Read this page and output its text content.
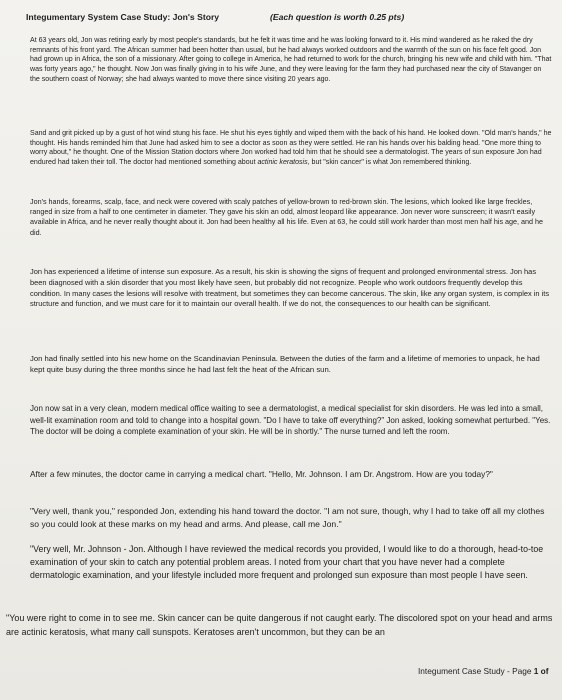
Integumentary System Case Study: Jon's Story	(Each question is worth 0.25 pts)

At 63 years old, Jon was retiring early by most people's standards, but he felt it was time and he was looking forward to it. His mind wandered as he raked the dry remnants of his front yard. The African summer had been hotter than usual, but he had always worked outdoors and the warmth of the sun on his face felt good. Jon had grown up in Africa, the son of a missionary. After going to college in America, he had returned to work for the church, bringing his new wife and child with him. "That was forty years ago," he thought. Now Jon was finally giving in to his wife June, and they were leaving for the farm they had purchased near the city of Stavanger on the southern coast of Norway; she had always wanted to move there since visiting 20 years ago.

Sand and grit picked up by a gust of hot wind stung his face. He shut his eyes tightly and wiped them with the back of his hand. He looked down. "Old man's hands," he thought. His hands reminded him that June had asked him to see a doctor as soon as they were settled. He ran his hands over his balding head. "One more thing to worry about," he thought. One of the Mission Station doctors where Jon worked had told him that he should see a dermatologist. The years of sun exposure Jon had endured had taken their toll. The doctor had mentioned something about actinic keratosis, but "skin cancer" is what Jon remembered thinking.

Jon's hands, forearms, scalp, face, and neck were covered with scaly patches of yellow-brown to red-brown skin. The lesions, which looked like large freckles, ranged in size from a half to one centimeter in diameter. They gave his skin an odd, almost leopard like appearance. Jon never wore sunscreen; it wasn't easily available in Africa, and he never really thought about it. Jon had been healthy all his life. Even at 63, he could still work harder than most men half his age, and he did.

Jon has experienced a lifetime of intense sun exposure. As a result, his skin is showing the signs of frequent and prolonged environmental stress. Jon has been diagnosed with a skin disorder that you most likely have seen, but probably did not recognize. People who work outdoors frequently develop this condition. In many cases the lesions will resolve with treatment, but sometimes they can become cancerous. The skin, like any organ system, is complex in its structure and function, and we must care for it to maintain our overall health. If we do not, the consequences to our health can be significant.

Jon had finally settled into his new home on the Scandinavian Peninsula. Between the duties of the farm and a lifetime of memories to unpack, he had kept quite busy during the three months since he had last felt the heat of the African sun.

Jon now sat in a very clean, modern medical office waiting to see a dermatologist, a medical specialist for skin disorders. He was led into a small, well-lit examination room and told to change into a hospital gown. "Do I have to take off everything?" Jon asked, looking somewhat perturbed. "Yes. The doctor will be doing a complete examination of your skin. He will be in shortly." The nurse turned and left the room.

After a few minutes, the doctor came in carrying a medical chart. "Hello, Mr. Johnson. I am Dr. Angstrom. How are you today?"

"Very well, thank you," responded Jon, extending his hand toward the doctor. "I am not sure, though, why I had to take off all my clothes so you could look at these marks on my head and arms. And please, call me Jon."

"Very well, Mr. Johnson - Jon. Although I have reviewed the medical records you provided, I would like to do a thorough, head-to-toe examination of your skin to catch any potential problem areas. I noted from your chart that you have never had a complete dermatologic examination, and your lifestyle included more frequent and prolonged sun exposure than most people I have seen.

"You were right to come in to see me. Skin cancer can be quite dangerous if not caught early. The discolored spot on your head and arms are actinic keratosis, what many call sunspots. Keratoses aren't uncommon, but they can be an

Integument Case Study - Page 1 of
